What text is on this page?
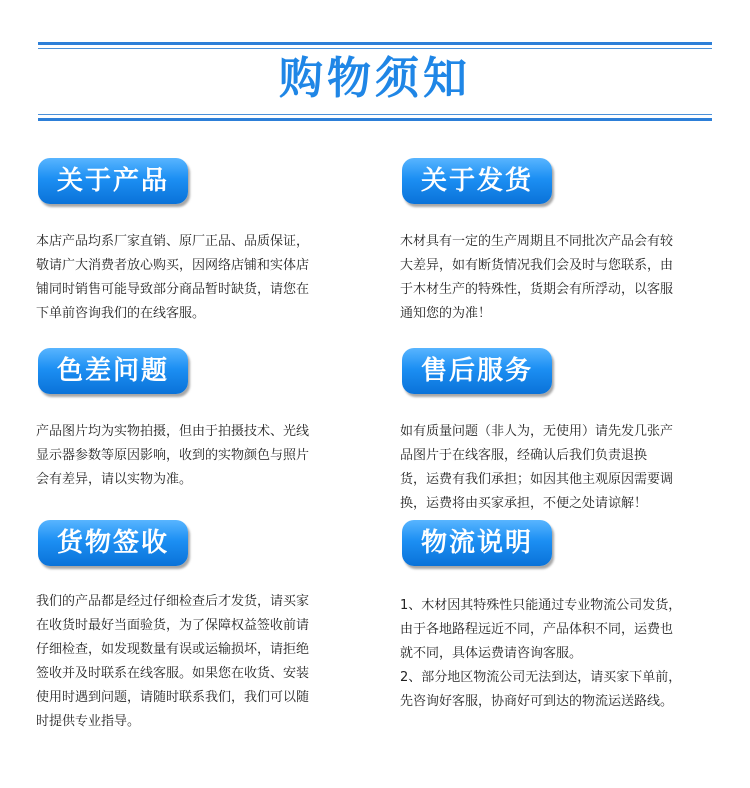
购物须知
关于产品
本店产品均系厂家直销、原厂正品、品质保证，
敬请广大消费者放心购买，因网络店铺和实体店
铺同时销售可能导致部分商品暂时缺货，请您在
下单前咨询我们的在线客服。
关于发货
木材具有一定的生产周期且不同批次产品会有较
大差异，如有断货情况我们会及时与您联系，由
于木材生产的特殊性，货期会有所浮动，以客服
通知您的为准！
色差问题
产品图片均为实物拍摄，但由于拍摄技术、光线
显示器参数等原因影响，收到的实物颜色与照片
会有差异，请以实物为准。
售后服务
如有质量问题（非人为，无使用）请先发几张产
品图片于在线客服，经确认后我们负责退换
货，运费有我们承担；如因其他主观原因需要调
换，运费将由买家承担，不便之处请谅解！
货物签收
我们的产品都是经过仔细检查后才发货，请买家
在收货时最好当面验货，为了保障权益签收前请
仔细检查，如发现数量有误或运输损坏，请拒绝
签收并及时联系在线客服。如果您在收货、安装
使用时遇到问题，请随时联系我们，我们可以随
时提供专业指导。
物流说明
1、木材因其特殊性只能通过专业物流公司发货，
由于各地路程远近不同，产品体积不同，运费也
就不同，具体运费请咨询客服。
2、部分地区物流公司无法到达，请买家下单前，
先咨询好客服，协商好可到达的物流运送路线。
